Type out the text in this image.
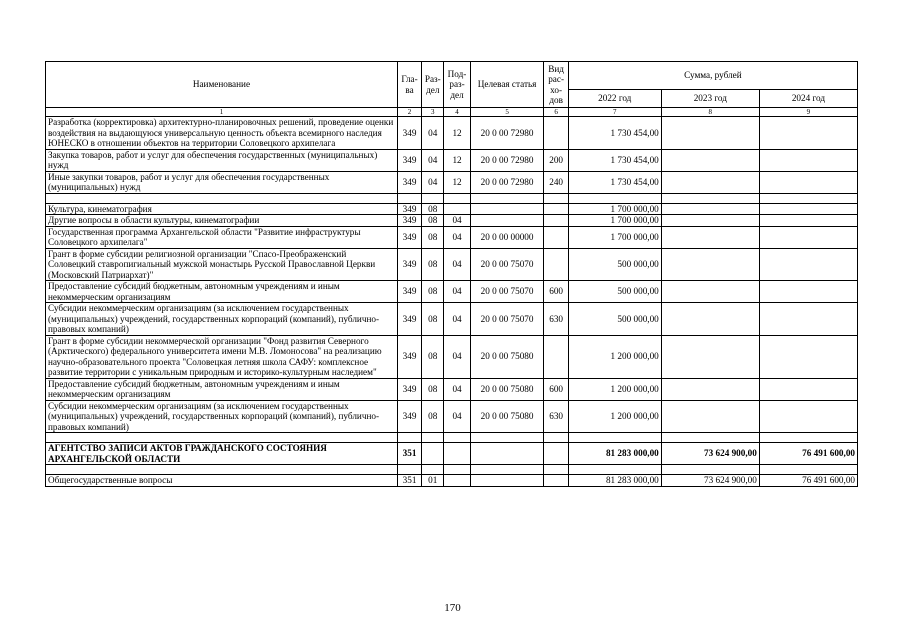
Наименование	Гла-ва	Раз-дел	Под-раз-дел	Целевая статья	Вид рас-хо-дов	Сумма, рублей		
						2022 год	2023 год	2024 год
1	2	3	4	5	6	7	8	9
Разработка (корректировка) архитектурно-планировочных решений, проведение оценки воздействия на выдающуюся универсальную ценность объекта всемирного наследия ЮНЕСКО в отношении объектов на территории Соловецкого архипелага	349	04	12	20 0 00 72980		1 730 454,00		
Закупка товаров, работ и услуг для обеспечения государственных (муниципальных) нужд	349	04	12	20 0 00 72980	200	1 730 454,00		
Иные закупки товаров, работ и услуг для обеспечения государственных (муниципальных) нужд	349	04	12	20 0 00 72980	240	1 730 454,00		

Культура, кинематография	349	08				1 700 000,00		
Другие вопросы в области культуры, кинематографии	349	08	04			1 700 000,00		
Государственная программа Архангельской области "Развитие инфраструктуры Соловецкого архипелага"	349	08	04	20 0 00 00000		1 700 000,00		
Грант в форме субсидии религиозной организации "Спасо-Преображенский Соловецкий ставропигиальный мужской монастырь Русской Православной Церкви (Московский Патриархат)"	349	08	04	20 0 00 75070		500 000,00		
Предоставление субсидий бюджетным, автономным учреждениям и иным некоммерческим организациям	349	08	04	20 0 00 75070	600	500 000,00		
Субсидии некоммерческим организациям (за исключением государственных (муниципальных) учреждений, государственных корпораций (компаний), публично-правовых компаний)	349	08	04	20 0 00 75070	630	500 000,00		
Грант в форме субсидии некоммерческой организации "Фонд развития Северного (Арктического) федерального университета имени М.В. Ломоносова" на реализацию научно-образовательного проекта "Соловецкая летняя школа САФУ: комплексное развитие территории с уникальным природным и историко-культурным наследием"	349	08	04	20 0 00 75080		1 200 000,00		
Предоставление субсидий бюджетным, автономным учреждениям и иным некоммерческим организациям	349	08	04	20 0 00 75080	600	1 200 000,00		
Субсидии некоммерческим организациям (за исключением государственных (муниципальных) учреждений, государственных корпораций (компаний), публично-правовых компаний)	349	08	04	20 0 00 75080	630	1 200 000,00		

АГЕНТСТВО ЗАПИСИ АКТОВ ГРАЖДАНСКОГО СОСТОЯНИЯ АРХАНГЕЛЬСКОЙ ОБЛАСТИ	351					81 283 000,00	73 624 900,00	76 491 600,00

Общегосударственные вопросы	351	01				81 283 000,00	73 624 900,00	76 491 600,00
170
